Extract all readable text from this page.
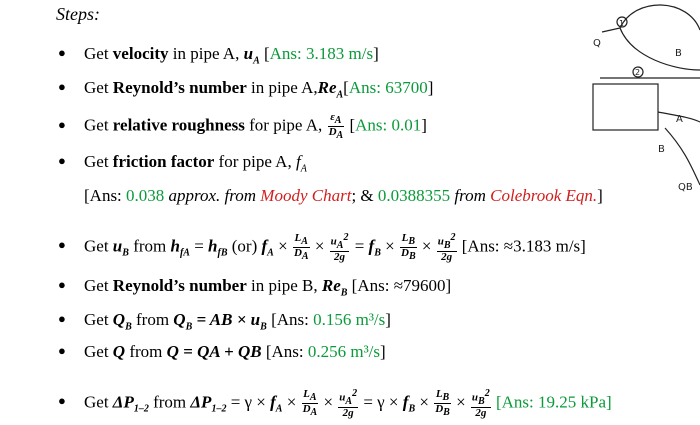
Steps:
● Get velocity in pipe A, $u_A$ [Ans: 3.183 m/s]
● Get Reynold’s number in pipe $A,Re_A[Ans$: 63700]
● Get relative roughness for pipe A, $\frac{\varepsilon_A}{D_A} [Ans$: 0.01]
● Get friction factor for pipe A, $f_A$
[Ans: 0.038 approx. from Moody Chart; & 0.0388355 from Colebrook Eqn.]
● Get $u_B$ from $h_{fA} = h_{fB}$ (or) $f_A \times \frac{L_A}{D_A} \times \frac{u_A^2}{2g} = f_B \times \frac{L_B}{D_B} \times \frac{u_B^2}{2g} [Ans$: ≈3.183 m/s]
● Get Reynold’s number in pipe B, $Re_B$ [Ans: ≈79600]
● Get $Q_B$ from $Q_B$ = AB × $u_B$ [Ans: 0.156 m³/s]
● Get Q from Q = QA + QB [Ans: 0.256 m³/s]
● Get $\Delta P_{1-2}$ from $\Delta P_{1-2} = \gamma \times f_A \times \frac{L_A}{D_A} \times \frac{u_A^2}{2g} = \gamma \times f_B \times \frac{L_B}{D_B} \times \frac{u_B^2}{2g} [Ans$: 19.25 kPa]
Q
1
2
B
A
B
QB
